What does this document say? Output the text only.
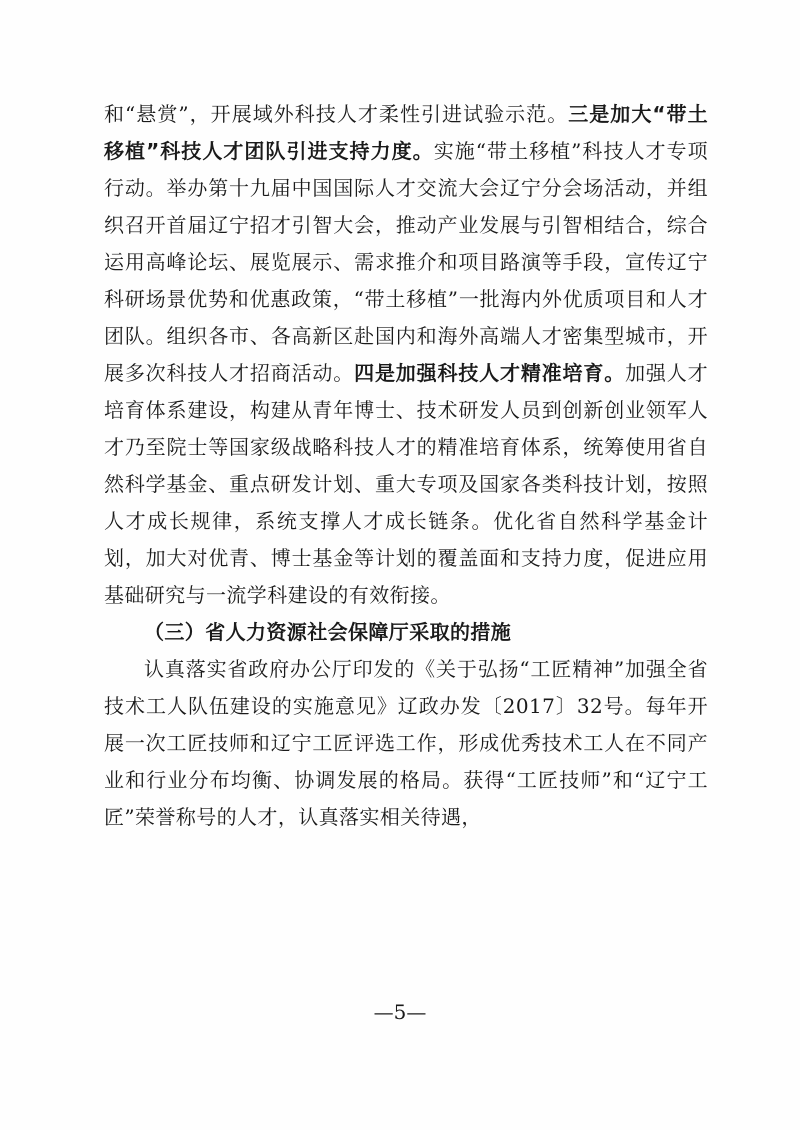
和“悬赏”，开展域外科技人才柔性引进试验示范。三是加大“带土移植”科技人才团队引进支持力度。实施“带土移植”科技人才专项行动。举办第十九届中国国际人才交流大会辽宁分会场活动，并组织召开首届辽宁招才引智大会，推动产业发展与引智相结合，综合运用高峰论坛、展览展示、需求推介和项目路演等手段，宣传辽宁科研场景优势和优惠政策，“带土移植”一批海内外优质项目和人才团队。组织各市、各高新区赴国内和海外高端人才密集型城市，开展多次科技人才招商活动。四是加强科技人才精准培育。加强人才培育体系建设，构建从青年博士、技术研发人员到创新创业领军人才乃至院士等国家级战略科技人才的精准培育体系，统筹使用省自然科学基金、重点研发计划、重大专项及国家各类科技计划，按照人才成长规律，系统支撑人才成长链条。优化省自然科学基金计划，加大对优青、博士基金等计划的覆盖面和支持力度，促进应用基础研究与一流学科建设的有效衔接。

（三）省人力资源社会保障厅采取的措施

认真落实省政府办公厅印发的《关于弘扬“工匠精神”加强全省技术工人队伍建设的实施意见》辽政办发〔2017〕32号。每年开展一次工匠技师和辽宁工匠评选工作，形成优秀技术工人在不同产业和行业分布均衡、协调发展的格局。获得“工匠技师”和“辽宁工匠”荣誉称号的人才，认真落实相关待遇，

—5—
